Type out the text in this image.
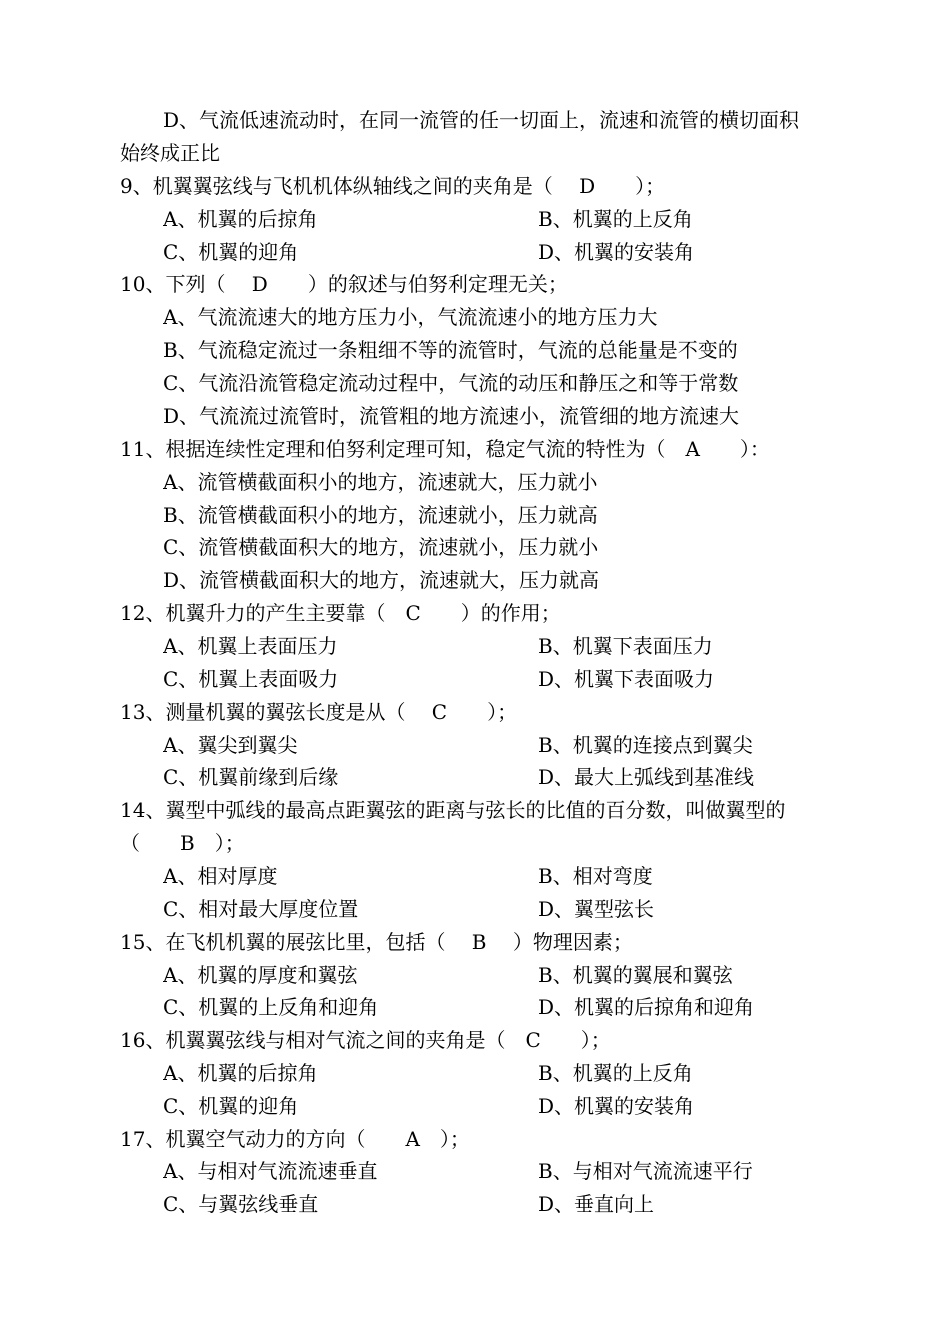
D、气流低速流动时，在同一流管的任一切面上，流速和流管的横切面积
始终成正比
9、机翼翼弦线与飞机机体纵轴线之间的夹角是（　 D　　）；
A、机翼的后掠角	B、机翼的上反角
C、机翼的迎角	D、机翼的安装角
10、下列（　 D　　）的叙述与伯努利定理无关；
A、气流流速大的地方压力小，气流流速小的地方压力大
B、气流稳定流过一条粗细不等的流管时，气流的总能量是不变的
C、气流沿流管稳定流动过程中，气流的动压和静压之和等于常数
D、气流流过流管时，流管粗的地方流速小，流管细的地方流速大
11、根据连续性定理和伯努利定理可知，稳定气流的特性为（　A　　）：
A、流管横截面积小的地方，流速就大，压力就小
B、流管横截面积小的地方，流速就小，压力就高
C、流管横截面积大的地方，流速就小，压力就小
D、流管横截面积大的地方，流速就大，压力就高
12、机翼升力的产生主要靠（　C　　）的作用；
A、机翼上表面压力	B、机翼下表面压力
C、机翼上表面吸力	D、机翼下表面吸力
13、测量机翼的翼弦长度是从（　 C　　）；
A、翼尖到翼尖	B、机翼的连接点到翼尖
C、机翼前缘到后缘	D、最大上弧线到基准线
14、翼型中弧线的最高点距翼弦的距离与弦长的比值的百分数，叫做翼型的
（　　B　）；
A、相对厚度	B、相对弯度
C、相对最大厚度位置	D、翼型弦长
15、在飞机机翼的展弦比里，包括（　 B　 ）物理因素；
A、机翼的厚度和翼弦	B、机翼的翼展和翼弦
C、机翼的上反角和迎角	D、机翼的后掠角和迎角
16、机翼翼弦线与相对气流之间的夹角是（　C　　）；
A、机翼的后掠角	B、机翼的上反角
C、机翼的迎角	D、机翼的安装角
17、机翼空气动力的方向（　　A　）；
A、与相对气流流速垂直	B、与相对气流流速平行
C、与翼弦线垂直	D、垂直向上
